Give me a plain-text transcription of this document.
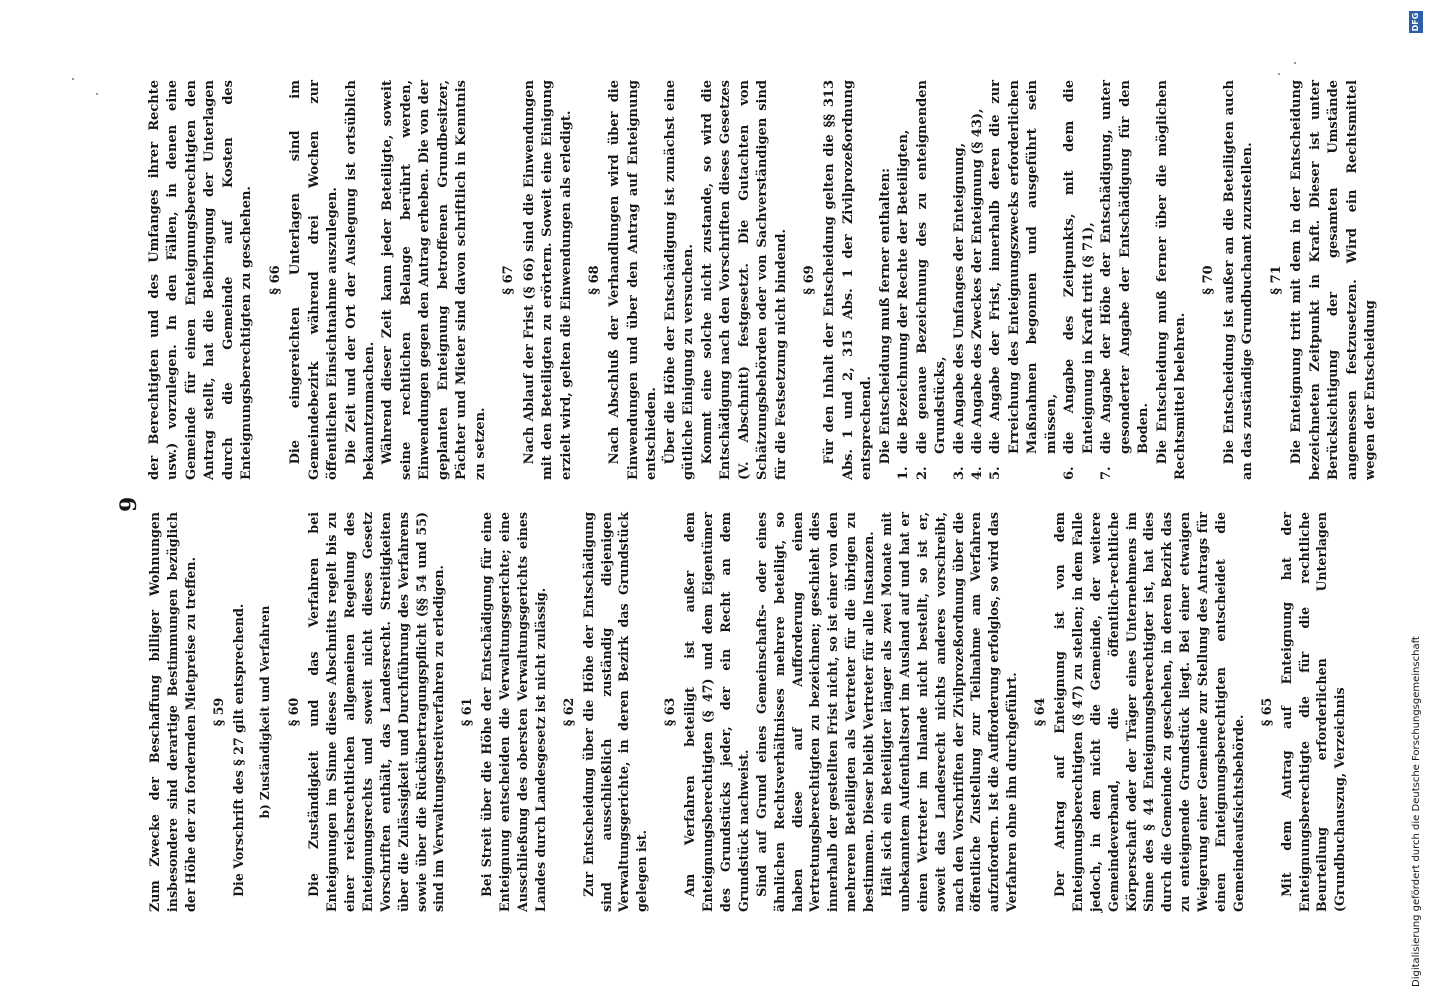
9

Zum Zwecke der Beschaffung billiger Wohnungen insbesondere sind derartige Bestimmungen bezüglich der Höhe der zu fordernden Mietpreise zu treffen. § 59 Die Vorschrift des § 27 gilt entsprechend. b) Zuständigkeit und Verfahren § 60 Die Zuständigkeit und das Verfahren bei Enteignungen im Sinne dieses Abschnitts regelt bis zu einer reichsrechtlichen allgemeinen Regelung des Enteignungsrechts und soweit nicht dieses Gesetz Vorschriften enthält, das Landesrecht. Streitigkeiten über die Zulässigkeit und Durchführung des Verfahrens sowie über die Rückübertragungspflicht (§§ 54 und 55) sind im Verwaltungsstreitverfahren zu erledigen. § 61 Bei Streit über die Höhe der Entschädigung für eine Enteignung entscheiden die Verwaltungsgerichte; eine Ausschließung des obersten Verwaltungsgerichts eines Landes durch Landesgesetz ist nicht zulässig. § 62 Zur Entscheidung über die Höhe der Entschädigung sind ausschließlich zuständig diejenigen Verwaltungsgerichte, in deren Bezirk das Grundstück gelegen ist.

§ 63 Am Verfahren beteiligt ist außer dem Enteignungsberechtigten (§ 47) und dem Eigentümer des Grundstücks jeder, der ein Recht an dem Grundstück nachweist. Sind auf Grund eines Gemeinschafts- oder eines ähnlichen Rechtsverhältnisses mehrere beteiligt, so haben diese auf Aufforderung einen Vertretungsberechtigten zu bezeichnen; geschieht dies innerhalb der gestellten Frist nicht, so ist einer von den mehreren Beteiligten als Vertreter für die übrigen zu bestimmen. Dieser bleibt Vertreter für alle Instanzen. Hält sich ein Beteiligter länger als zwei Monate mit unbekanntem Aufenthaltsort im Ausland auf und hat er einen Vertreter im Inlande nicht bestellt, so ist er, soweit das Landesrecht nichts anderes vorschreibt, nach den Vorschriften der Zivilprozeßordnung über die öffentliche Zustellung zur Teilnahme am Verfahren aufzufordern. Ist die Aufforderung erfolglos, so wird das Verfahren ohne ihn durchgeführt. § 64 Der Antrag auf Enteignung ist von dem Enteignungsberechtigten (§ 47) zu stellen; in dem Falle jedoch, in dem nicht die Gemeinde, der weitere Gemeindeverband, die öffentlich-rechtliche Körperschaft oder der Träger eines Unternehmens im Sinne des § 44 Enteignungsberechtigter ist, hat dies durch die Gemeinde zu geschehen, in deren Bezirk das zu enteignende Grundstück liegt. Bei einer etwaigen Weigerung einer Gemeinde zur Stellung des Antrags für einen Enteignungsberechtigten entscheidet die Gemeindeaufsichtsbehörde.

§ 65 Mit dem Antrag auf Enteignung hat der Enteignungsberechtigte die für die rechtliche Beurteilung erforderlichen Unterlagen (Grundbuchauszug, Verzeichnis

der Berechtigten und des Umfanges ihrer Rechte usw.) vorzulegen. In den Fällen, in denen eine Gemeinde für einen Enteignungsberechtigten den Antrag stellt, hat die Beibringung der Unterlagen durch die Gemeinde auf Kosten des Enteignungsberechtigten zu geschehen. § 66 Die eingereichten Unterlagen sind im Gemeindebezirk während drei Wochen zur öffentlichen Einsichtnahme auszulegen. Die Zeit und der Ort der Auslegung ist ortsüblich bekanntzumachen. Während dieser Zeit kann jeder Beteiligte, soweit seine rechtlichen Belange berührt werden, Einwendungen gegen den Antrag erheben. Die von der geplanten Enteignung betroffenen Grundbesitzer, Pächter und Mieter sind davon schriftlich in Kenntnis zu setzen.

§ 67 Nach Ablauf der Frist (§ 66) sind die Einwendungen mit den Beteiligten zu erörtern. Soweit eine Einigung erzielt wird, gelten die Einwendungen als erledigt. § 68 Nach Abschluß der Verhandlungen wird über die Einwendungen und über den Antrag auf Enteignung entschieden. Über die Höhe der Entschädigung ist zunächst eine gütliche Einigung zu versuchen. Kommt eine solche nicht zustande, so wird die Entschädigung nach den Vorschriften dieses Gesetzes (V. Abschnitt) festgesetzt. Die Gutachten von Schätzungsbehörden oder von Sachverständigen sind für die Festsetzung nicht bindend. § 69 Für den Inhalt der Entscheidung gelten die §§ 313 Abs. 1 und 2, 315 Abs. 1 der Zivilprozeßordnung entsprechend. Die Entscheidung muß ferner enthalten:

1.
die Bezeichnung der Rechte der Beteiligten,
2.
die genaue Bezeichnung des zu enteignenden Grundstücks,
3.
die Angabe des Umfanges der Enteignung,
4.
die Angabe des Zweckes der Enteignung (§ 43),
5.
die Angabe der Frist, innerhalb deren die zur Erreichung des Enteignungszwecks erforderlichen Maßnahmen begonnen und ausgeführt sein müssen,
6.
die Angabe des Zeitpunkts, mit dem die Enteignung in Kraft tritt (§ 71),
7.
die Angabe der Höhe der Entschädigung, unter gesonderter Angabe der Entschädigung für den Boden. Die Entscheidung muß ferner über die möglichen Rechtsmittel belehren.

§ 70 Die Entscheidung ist außer an die Beteiligten auch an das zuständige Grundbuchamt zuzustellen. § 71 Die Enteignung tritt mit dem in der Entscheidung bezeichneten Zeitpunkt in Kraft. Dieser ist unter Berücksichtigung der gesamten Umstände angemessen festzusetzen. Wird ein Rechtsmittel wegen der Entscheidung

Digitalisierung gefördert durch die Deutsche Forschungsgemeinschaft
DFG
